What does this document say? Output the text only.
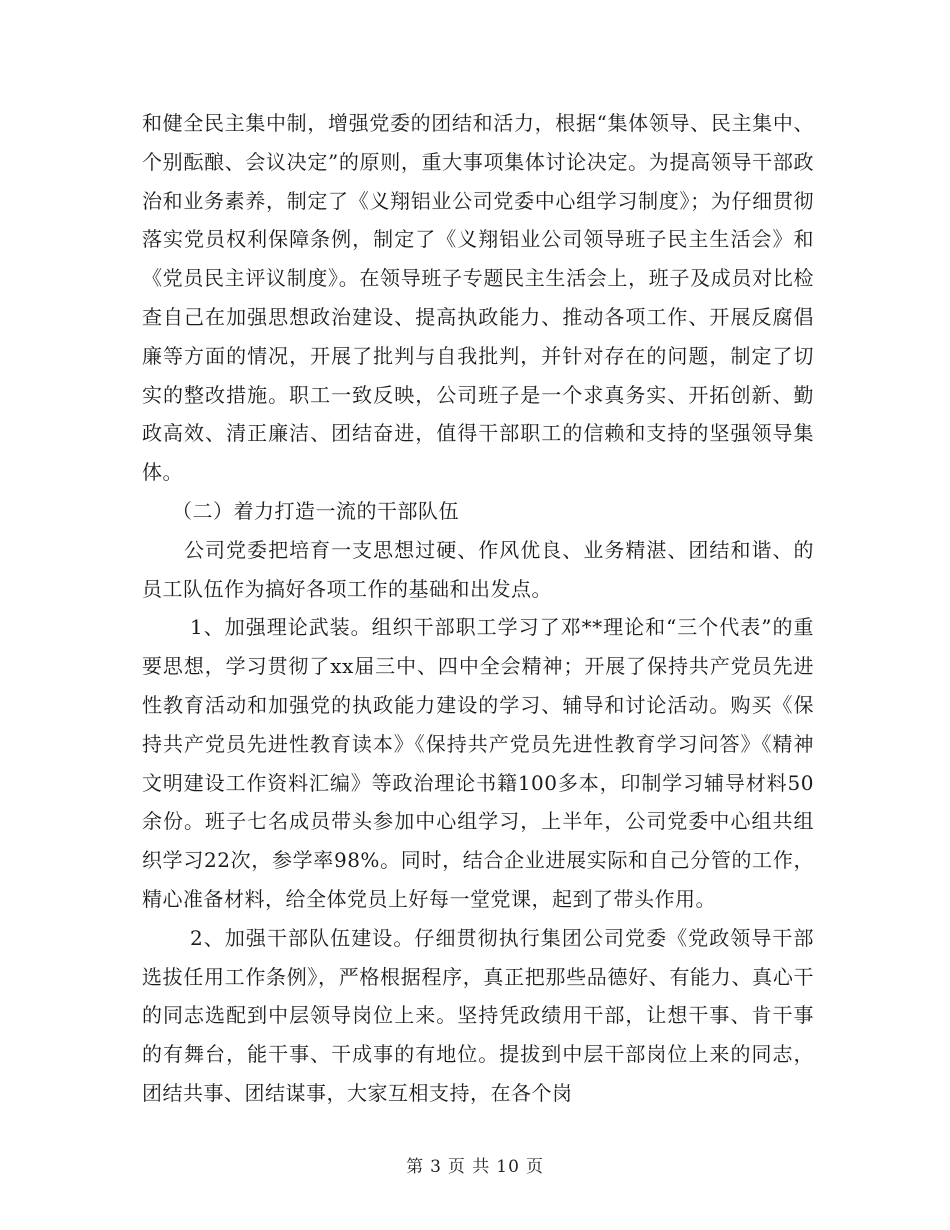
和健全民主集中制，增强党委的团结和活力，根据“集体领导、民主集中、个别酝酿、会议决定”的原则，重大事项集体讨论决定。为提高领导干部政治和业务素养，制定了《义翔铝业公司党委中心组学习制度》；为仔细贯彻落实党员权利保障条例，制定了《义翔铝业公司领导班子民主生活会》和《党员民主评议制度》。在领导班子专题民主生活会上，班子及成员对比检查自己在加强思想政治建设、提高执政能力、推动各项工作、开展反腐倡廉等方面的情况，开展了批判与自我批判，并针对存在的问题，制定了切实的整改措施。职工一致反映，公司班子是一个求真务实、开拓创新、勤政高效、清正廉洁、团结奋进，值得干部职工的信赖和支持的坚强领导集体。

（二）着力打造一流的干部队伍

公司党委把培育一支思想过硬、作风优良、业务精湛、团结和谐、的员工队伍作为搞好各项工作的基础和出发点。

1、加强理论武装。组织干部职工学习了邓**理论和“三个代表”的重要思想，学习贯彻了xx届三中、四中全会精神；开展了保持共产党员先进性教育活动和加强党的执政能力建设的学习、辅导和讨论活动。购买《保持共产党员先进性教育读本》《保持共产党员先进性教育学习问答》《精神文明建设工作资料汇编》等政治理论书籍100多本，印制学习辅导材料50余份。班子七名成员带头参加中心组学习，上半年，公司党委中心组共组织学习22次，参学率98%。同时，结合企业进展实际和自己分管的工作，精心准备材料，给全体党员上好每一堂党课，起到了带头作用。

2、加强干部队伍建设。仔细贯彻执行集团公司党委《党政领导干部选拔任用工作条例》，严格根据程序，真正把那些品德好、有能力、真心干的同志选配到中层领导岗位上来。坚持凭政绩用干部，让想干事、肯干事的有舞台，能干事、干成事的有地位。提拔到中层干部岗位上来的同志，团结共事、团结谋事，大家互相支持，在各个岗

第 3 页 共 10 页
